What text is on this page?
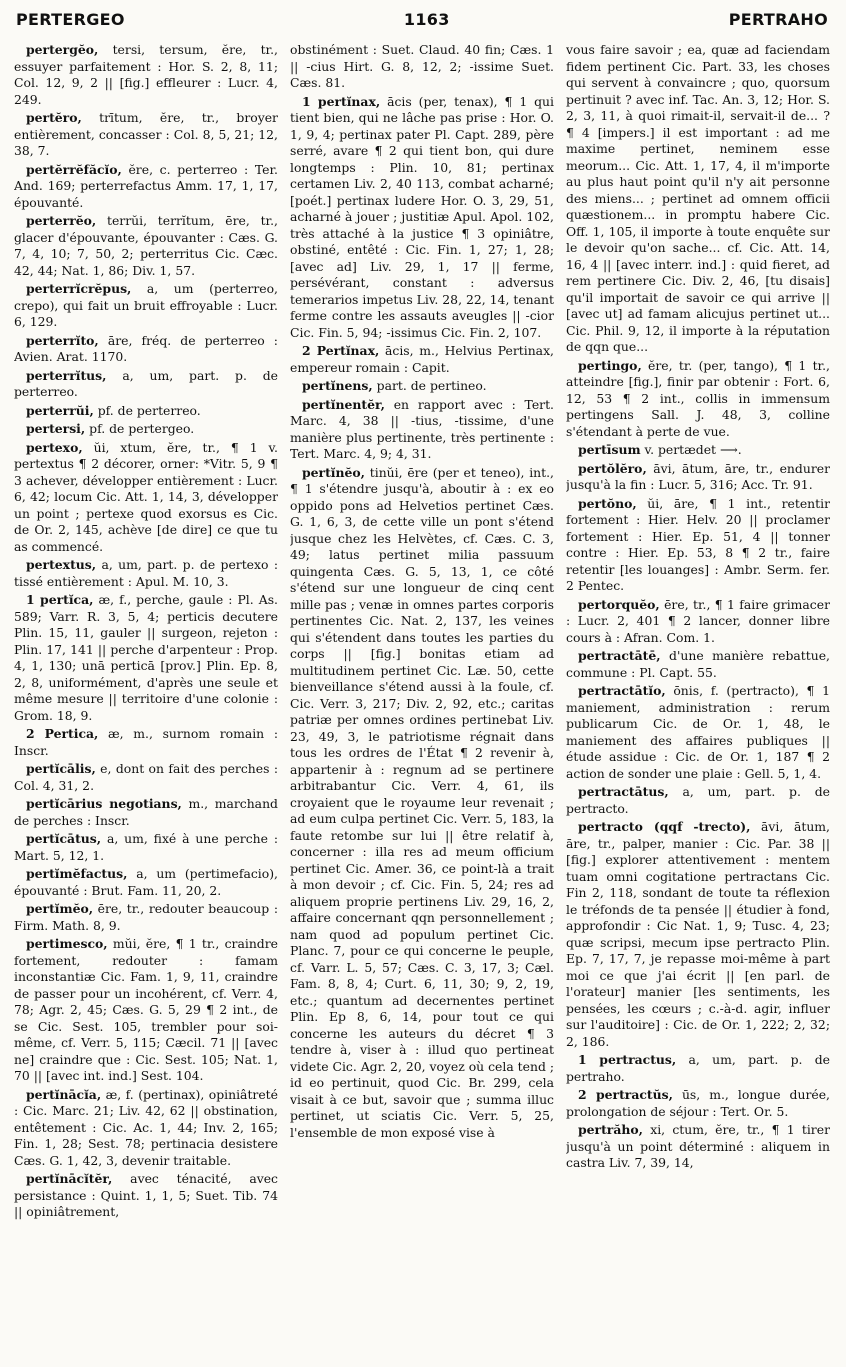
PERTERGEO	1163	PERTRAHO

pertergĕo, tersi, tersum, ĕre, tr., essuyer parfaitement : Hor. S. 2, 8, 11; Col. 12, 9, 2 || [fig.] effleurer : Lucr. 4, 249.

pertĕro, trītum, ĕre, tr., broyer entièrement, concasser : Col. 8, 5, 21; 12, 38, 7.

pertĕrrĕfăcĭo, ĕre, c. perterreo : Ter. And. 169; perterrefactus Amm. 17, 1, 17, épouvanté.

perterrĕo, terrŭi, terrĭtum, ēre, tr., glacer d'épouvante, épouvanter : Cæs. G. 7, 4, 10; 7, 50, 2; perterritus Cic. Cæc. 42, 44; Nat. 1, 86; Div. 1, 57.

perterrĭcrĕpus, a, um (perterreo, crepo), qui fait un bruit effroyable : Lucr. 6, 129.

perterrĭto, āre, fréq. de perterreo : Avien. Arat. 1170.

perterrĭtus, a, um, part. p. de perterreo.

perterrŭi, pf. de perterreo.

pertersi, pf. de pertergeo.

pertexo, ŭi, xtum, ĕre, tr., ¶ 1 v. pertextus ¶ 2 décorer, orner: *Vitr. 5, 9 ¶ 3 achever, développer entièrement : Lucr. 6, 42; locum Cic. Att. 1, 14, 3, développer un point ; pertexe quod exorsus es Cic. de Or. 2, 145, achève [de dire] ce que tu as commencé.

pertextus, a, um, part. p. de pertexo : tissé entièrement : Apul. M. 10, 3.

1 pertĭca, æ, f., perche, gaule : Pl. As. 589; Varr. R. 3, 5, 4; perticis decutere Plin. 15, 11, gauler || surgeon, rejeton : Plin. 17, 141 || perche d'arpenteur : Prop. 4, 1, 130; unā perticā [prov.] Plin. Ep. 8, 2, 8, uniformément, d'après une seule et même mesure || territoire d'une colonie : Grom. 18, 9.

2 Pertica, æ, m., surnom romain : Inscr.

pertĭcālis, e, dont on fait des perches : Col. 4, 31, 2.

pertĭcārius negotians, m., marchand de perches : Inscr.

pertĭcātus, a, um, fixé à une perche : Mart. 5, 12, 1.

pertĭmĕfactus, a, um (pertimefacio), épouvanté : Brut. Fam. 11, 20, 2.

pertĭmĕo, ēre, tr., redouter beaucoup : Firm. Math. 8, 9.

pertimesco, mŭi, ĕre, ¶ 1 tr., craindre fortement, redouter : famam inconstantiæ Cic. Fam. 1, 9, 11, craindre de passer pour un incohérent, cf. Verr. 4, 78; Agr. 2, 45; Cæs. G. 5, 29 ¶ 2 int., de se Cic. Sest. 105, trembler pour soi-même, cf. Verr. 5, 115; Cæcil. 71 || [avec ne] craindre que : Cic. Sest. 105; Nat. 1, 70 || [avec int. ind.] Sest. 104.

pertĭnācĭa, æ, f. (pertinax), opiniâtreté : Cic. Marc. 21; Liv. 42, 62 || obstination, entêtement : Cic. Ac. 1, 44; Inv. 2, 165; Fin. 1, 28; Sest. 78; pertinacia desistere Cæs. G. 1, 42, 3, devenir traitable.

pertĭnācĭtĕr, avec ténacité, avec persistance : Quint. 1, 1, 5; Suet. Tib. 74 || opiniâtrement,

obstinément : Suet. Claud. 40 fin; Cæs. 1 || -cius Hirt. G. 8, 12, 2; -issime Suet. Cæs. 81.

1 pertĭnax, ācis (per, tenax), ¶ 1 qui tient bien, qui ne lâche pas prise : Hor. O. 1, 9, 4; pertinax pater Pl. Capt. 289, père serré, avare ¶ 2 qui tient bon, qui dure longtemps : Plin. 10, 81; pertinax certamen Liv. 2, 40 113, combat acharné; [poét.] pertinax ludere Hor. O. 3, 29, 51, acharné à jouer ; justitiæ Apul. Apol. 102, très attaché à la justice ¶ 3 opiniâtre, obstiné, entêté : Cic. Fin. 1, 27; 1, 28; [avec ad] Liv. 29, 1, 17 || ferme, persévérant, constant : adversus temerarios impetus Liv. 28, 22, 14, tenant ferme contre les assauts aveugles || -cior Cic. Fin. 5, 94; -issimus Cic. Fin. 2, 107.

2 Pertĭnax, ācis, m., Helvius Pertinax, empereur romain : Capit.

pertĭnens, part. de pertineo.

pertĭnentĕr, en rapport avec : Tert. Marc. 4, 38 || -tius, -tissime, d'une manière plus pertinente, très pertinente : Tert. Marc. 4, 9; 4, 31.

pertĭnĕo, tinŭi, ēre (per et teneo), int., ¶ 1 s'étendre jusqu'à, aboutir à : ex eo oppido pons ad Helvetios pertinet Cæs. G. 1, 6, 3, de cette ville un pont s'étend jusque chez les Helvètes, cf. Cæs. C. 3, 49; latus pertinet milia passuum quingenta Cæs. G. 5, 13, 1, ce côté s'étend sur une longueur de cinq cent mille pas ; venæ in omnes partes corporis pertinentes Cic. Nat. 2, 137, les veines qui s'étendent dans toutes les parties du corps || [fig.] bonitas etiam ad multitudinem pertinet Cic. Læ. 50, cette bienveillance s'étend aussi à la foule, cf. Cic. Verr. 3, 217; Div. 2, 92, etc.; caritas patriæ per omnes ordines pertinebat Liv. 23, 49, 3, le patriotisme régnait dans tous les ordres de l'État ¶ 2 revenir à, appartenir à : regnum ad se pertinere arbitrabantur Cic. Verr. 4, 61, ils croyaient que le royaume leur revenait ; ad eum culpa pertinet Cic. Verr. 5, 183, la faute retombe sur lui || être relatif à, concerner : illa res ad meum officium pertinet Cic. Amer. 36, ce point-là a trait à mon devoir ; cf. Cic. Fin. 5, 24; res ad aliquem proprie pertinens Liv. 29, 16, 2, affaire concernant qqn personnellement ; nam quod ad populum pertinet Cic. Planc. 7, pour ce qui concerne le peuple, cf. Varr. L. 5, 57; Cæs. C. 3, 17, 3; Cæl. Fam. 8, 8, 4; Curt. 6, 11, 30; 9, 2, 19, etc.; quantum ad decernentes pertinet Plin. Ep 8, 6, 14, pour tout ce qui concerne les auteurs du décret ¶ 3 tendre à, viser à : illud quo pertineat videte Cic. Agr. 2, 20, voyez où cela tend ; id eo pertinuit, quod Cic. Br. 299, cela visait à ce but, savoir que ; summa illuc pertinet, ut sciatis Cic. Verr. 5, 25, l'ensemble de mon exposé vise à

vous faire savoir ; ea, quæ ad faciendam fidem pertinent Cic. Part. 33, les choses qui servent à convaincre ; quo, quorsum pertinuit ? avec inf. Tac. An. 3, 12; Hor. S. 2, 3, 11, à quoi rimait-il, servait-il de... ? ¶ 4 [impers.] il est important : ad me maxime pertinet, neminem esse meorum... Cic. Att. 1, 17, 4, il m'importe au plus haut point qu'il n'y ait personne des miens... ; pertinet ad omnem officii quæstionem... in promptu habere Cic. Off. 1, 105, il importe à toute enquête sur le devoir qu'on sache... cf. Cic. Att. 14, 16, 4 || [avec interr. ind.] : quid fieret, ad rem pertinere Cic. Div. 2, 46, [tu disais] qu'il importait de savoir ce qui arrive || [avec ut] ad famam alicujus pertinet ut... Cic. Phil. 9, 12, il importe à la réputation de qqn que...

pertingo, ĕre, tr. (per, tango), ¶ 1 tr., atteindre [fig.], finir par obtenir : Fort. 6, 12, 53 ¶ 2 int., collis in immensum pertingens Sall. J. 48, 3, colline s'étendant à perte de vue.

pertīsum v. pertædet ⟶.

pertŏlĕro, āvi, ātum, āre, tr., endurer jusqu'à la fin : Lucr. 5, 316; Acc. Tr. 91.

pertŏno, ŭi, āre, ¶ 1 int., retentir fortement : Hier. Helv. 20 || proclamer fortement : Hier. Ep. 51, 4 || tonner contre : Hier. Ep. 53, 8 ¶ 2 tr., faire retentir [les louanges] : Ambr. Serm. fer. 2 Pentec.

pertorquĕo, ēre, tr., ¶ 1 faire grimacer : Lucr. 2, 401 ¶ 2 lancer, donner libre cours à : Afran. Com. 1.

pertractātē, d'une manière rebattue, commune : Pl. Capt. 55.

pertractātĭo, ōnis, f. (pertracto), ¶ 1 maniement, administration : rerum publicarum Cic. de Or. 1, 48, le maniement des affaires publiques || étude assidue : Cic. de Or. 1, 187 ¶ 2 action de sonder une plaie : Gell. 5, 1, 4.

pertractātus, a, um, part. p. de pertracto.

pertracto (qqf -trecto), āvi, ātum, āre, tr., palper, manier : Cic. Par. 38 || [fig.] explorer attentivement : mentem tuam omni cogitatione pertractans Cic. Fin 2, 118, sondant de toute ta réflexion le tréfonds de ta pensée || étudier à fond, approfondir : Cic Nat. 1, 9; Tusc. 4, 23; quæ scripsi, mecum ipse pertracto Plin. Ep. 7, 17, 7, je repasse moi-même à part moi ce que j'ai écrit || [en parl. de l'orateur] manier [les sentiments, les pensées, les cœurs ; c.-à-d. agir, influer sur l'auditoire] : Cic. de Or. 1, 222; 2, 32; 2, 186.

1 pertractus, a, um, part. p. de pertraho.

2 pertractŭs, ūs, m., longue durée, prolongation de séjour : Tert. Or. 5.

pertrăho, xi, ctum, ĕre, tr., ¶ 1 tirer jusqu'à un point déterminé : aliquem in castra Liv. 7, 39, 14,
